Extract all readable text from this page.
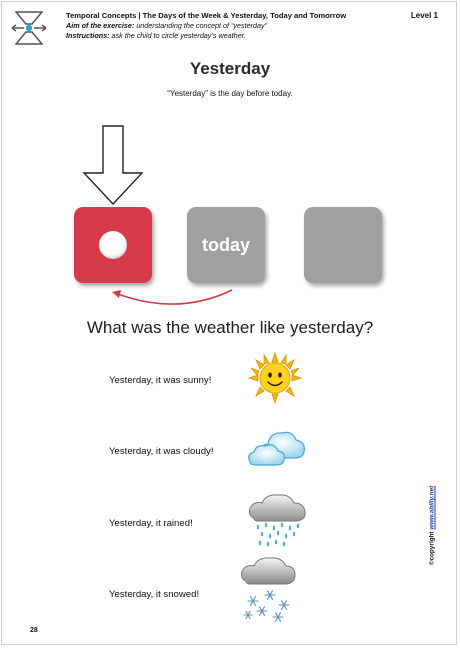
Temporal Concepts | The Days of the Week & Yesterday, Today and Tomorrow
Aim of the exercise: understanding the concept of “yesterday”
Instructions: ask the child to circle yesterday’s weather.
Level 1
Yesterday
“Yesterday” is the day before today.
today
What was the weather like yesterday?
Yesterday, it was sunny!
Yesterday, it was cloudy!
Yesterday, it rained!
Yesterday, it snowed!
©copyright www.abilly.net
28
